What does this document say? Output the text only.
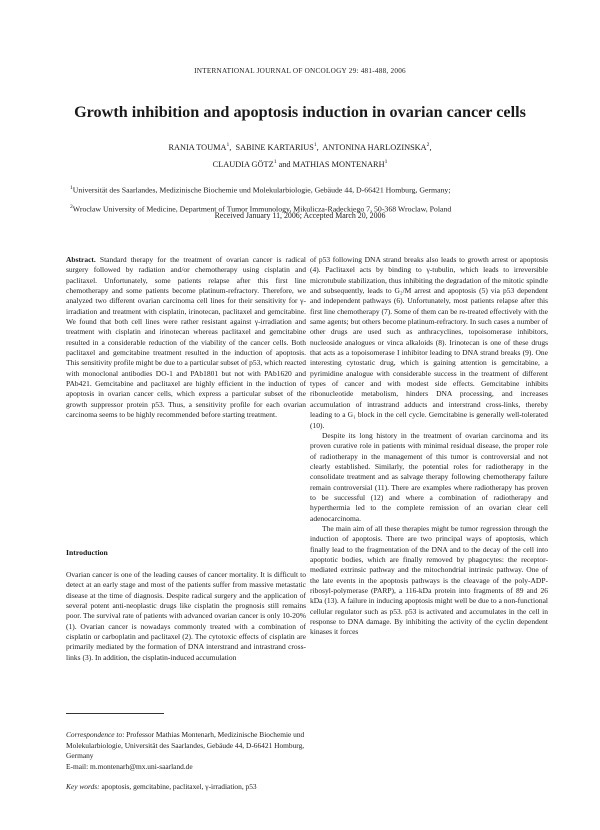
INTERNATIONAL JOURNAL OF ONCOLOGY 29: 481-488, 2006
Growth inhibition and apoptosis induction in ovarian cancer cells
RANIA TOUMA$^1$,  SABINE KARTARIUS$^1$,  ANTONINA HARLOZINSKA$^2$,
CLAUDIA GÖTZ$^1$ and MATHIAS MONTENARH$^1$
$^1$Universität des Saarlandes, Medizinische Biochemie und Molekularbiologie, Gebäude 44, D-66421 Homburg, Germany;
$^2$Wroclaw University of Medicine, Department of Tumor Immunology, Mikulicza-Radeckiego 7, 50-368 Wroclaw, Poland
Received January 11, 2006; Accepted March 20, 2006

Abstract. Standard therapy for the treatment of ovarian cancer is radical surgery followed by radiation and/or chemotherapy using cisplatin and paclitaxel. Unfortunately, some patients relapse after this first line chemotherapy and some patients become platinum-refractory. Therefore, we analyzed two different ovarian carcinoma cell lines for their sensitivity for γ-irradiation and treatment with cisplatin, irinotecan, paclitaxel and gemcitabine. We found that both cell lines were rather resistant against γ-irradiation and treatment with cisplatin and irinotecan whereas paclitaxel and gemcitabine resulted in a considerable reduction of the viability of the cancer cells. Both paclitaxel and gemcitabine treatment resulted in the induction of apoptosis. This sensitivity profile might be due to a particular subset of p53, which reacted with monoclonal antibodies DO-1 and PAb1801 but not with PAb1620 and PAb421. Gemcitabine and paclitaxel are highly efficient in the induction of apoptosis in ovarian cancer cells, which express a particular subset of the growth suppressor protein p53. Thus, a sensitivity profile for each ovarian carcinoma seems to be highly recommended before starting treatment.

Introduction

Ovarian cancer is one of the leading causes of cancer mortality. It is difficult to detect at an early stage and most of the patients suffer from massive metastatic disease at the time of diagnosis. Despite radical surgery and the application of several potent anti-neoplastic drugs like cisplatin the prognosis still remains poor. The survival rate of patients with advanced ovarian cancer is only 10-20% (1). Ovarian cancer is nowadays commonly treated with a combination of cisplatin or carboplatin and paclitaxel (2). The cytotoxic effects of cisplatin are primarily mediated by the formation of DNA interstrand and intrastrand cross-links (3). In addition, the cisplatin-induced accumulation

of p53 following DNA strand breaks also leads to growth arrest or apoptosis (4). Paclitaxel acts by binding to γ-tubulin, which leads to irreversible microtubule stabilization, thus inhibiting the degradation of the mitotic spindle and subsequently, leads to G₂/M arrest and apoptosis (5) via p53 dependent and independent pathways (6). Unfortunately, most patients relapse after this first line chemotherapy (7). Some of them can be re-treated effectively with the same agents; but others become platinum-refractory. In such cases a number of other drugs are used such as anthracyclines, topoisomerase inhibitors, nucleoside analogues or vinca alkaloids (8). Irinotecan is one of these drugs that acts as a topoisomerase I inhibitor leading to DNA strand breaks (9). One interesting cytostatic drug, which is gaining attention is gemcitabine, a pyrimidine analogue with considerable success in the treatment of different types of cancer and with modest side effects. Gemcitabine inhibits ribonucleotide metabolism, hinders DNA processing, and increases accumulation of intrastrand adducts and interstrand cross-links, thereby leading to a G₁ block in the cell cycle. Gemcitabine is generally well-tolerated (10).

Despite its long history in the treatment of ovarian carcinoma and its proven curative role in patients with minimal residual disease, the proper role of radiotherapy in the management of this tumor is controversial and not clearly established. Similarly, the potential roles for radiotherapy in the consolidate treatment and as salvage therapy following chemotherapy failure remain controversial (11). There are examples where radiotherapy has proven to be successful (12) and where a combination of radiotherapy and hyperthermia led to the complete remission of an ovarian clear cell adenocarcinoma.

The main aim of all these therapies might be tumor regression through the induction of apoptosis. There are two principal ways of apoptosis, which finally lead to the fragmentation of the DNA and to the decay of the cell into apoptotic bodies, which are finally removed by phagocytes: the receptor-mediated extrinsic pathway and the mitochondrial intrinsic pathway. One of the late events in the apoptosis pathways is the cleavage of the poly-ADP-ribosyl-polymerase (PARP), a 116-kDa protein into fragments of 89 and 26 kDa (13). A failure in inducing apoptosis might well be due to a non-functional cellular regulator such as p53. p53 is activated and accumulates in the cell in response to DNA damage. By inhibiting the activity of the cyclin dependent kinases it forces

Correspondence to: Professor Mathias Montenarh, Medizinische Biochemie und Molekularbiologie, Universität des Saarlandes, Gebäude 44, D-66421 Homburg, Germany
E-mail: m.montenarh@mx.uni-saarland.de
Key words: apoptosis, gemcitabine, paclitaxel, γ-irradiation, p53
